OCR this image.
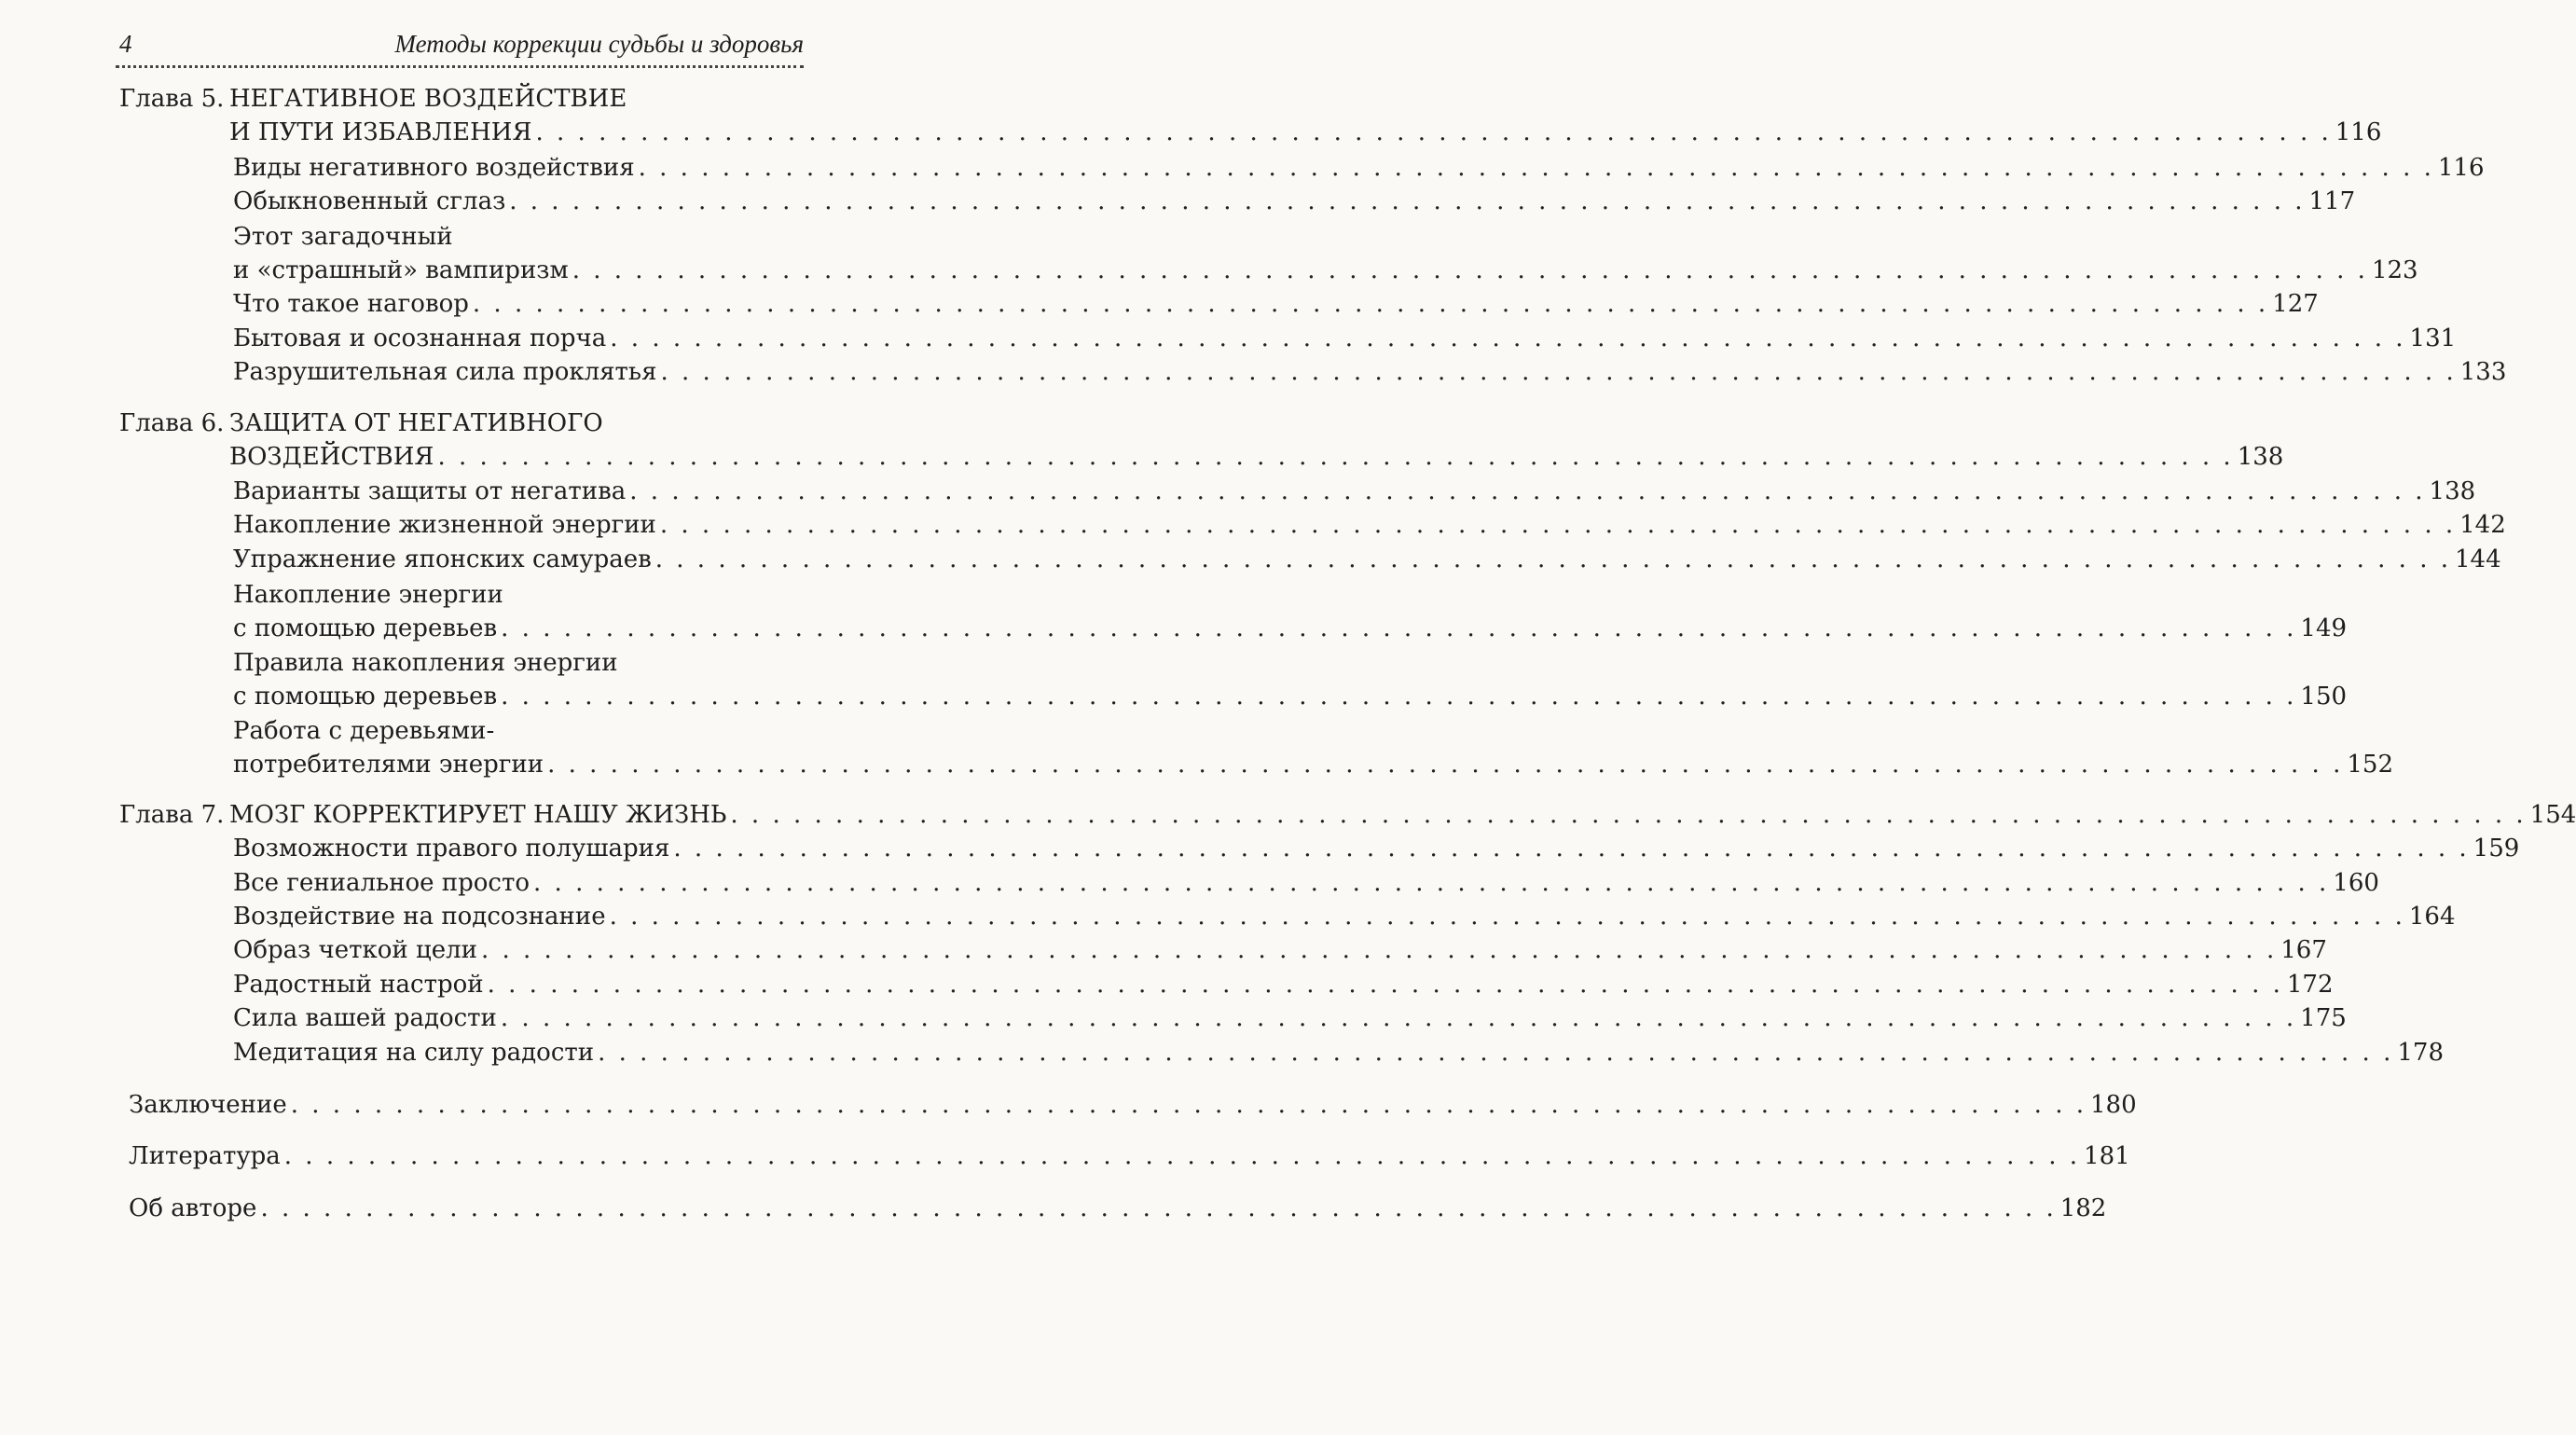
4	Методы коррекции судьбы и здоровья
Глава 5. НЕГАТИВНОЕ ВОЗДЕЙСТВИЕ
И ПУТИ ИЗБАВЛЕНИЯ . . . . . . . . . . . . . . . . . . . . . . . . . . . . . . . . . . . . . . . . . . . . . . . . . . . . . . . . . . . . . . . . . . . . . . . . . . . . . . . . . . . . . . 116
Виды негативного воздействия . . . . . . . . . . . . . . . . . . . . . . . . . . . . . . . . . . . . . . . . . . . . . . . . . . . . . . . . . . . . . . . . . . . . . . . . . . . . . . . . . . . . . . 116
Обыкновенный сглаз . . . . . . . . . . . . . . . . . . . . . . . . . . . . . . . . . . . . . . . . . . . . . . . . . . . . . . . . . . . . . . . . . . . . . . . . . . . . . . . . . . . . . . 117
Этот загадочный
и «страшный» вампиризм . . . . . . . . . . . . . . . . . . . . . . . . . . . . . . . . . . . . . . . . . . . . . . . . . . . . . . . . . . . . . . . . . . . . . . . . . . . . . . . . . . . . . . 123
Что такое наговор . . . . . . . . . . . . . . . . . . . . . . . . . . . . . . . . . . . . . . . . . . . . . . . . . . . . . . . . . . . . . . . . . . . . . . . . . . . . . . . . . . . . . . 127
Бытовая и осознанная порча . . . . . . . . . . . . . . . . . . . . . . . . . . . . . . . . . . . . . . . . . . . . . . . . . . . . . . . . . . . . . . . . . . . . . . . . . . . . . . . . . . . . . . 131
Разрушительная сила проклятья . . . . . . . . . . . . . . . . . . . . . . . . . . . . . . . . . . . . . . . . . . . . . . . . . . . . . . . . . . . . . . . . . . . . . . . . . . . . . . . . . . . . . . 133
Глава 6. ЗАЩИТА ОТ НЕГАТИВНОГО
ВОЗДЕЙСТВИЯ . . . . . . . . . . . . . . . . . . . . . . . . . . . . . . . . . . . . . . . . . . . . . . . . . . . . . . . . . . . . . . . . . . . . . . . . . . . . . . . . . . . . . . 138
Варианты защиты от негатива . . . . . . . . . . . . . . . . . . . . . . . . . . . . . . . . . . . . . . . . . . . . . . . . . . . . . . . . . . . . . . . . . . . . . . . . . . . . . . . . . . . . . . 138
Накопление жизненной энергии . . . . . . . . . . . . . . . . . . . . . . . . . . . . . . . . . . . . . . . . . . . . . . . . . . . . . . . . . . . . . . . . . . . . . . . . . . . . . . . . . . . . . . 142
Упражнение японских самураев . . . . . . . . . . . . . . . . . . . . . . . . . . . . . . . . . . . . . . . . . . . . . . . . . . . . . . . . . . . . . . . . . . . . . . . . . . . . . . . . . . . . . . 144
Накопление энергии
с помощью деревьев . . . . . . . . . . . . . . . . . . . . . . . . . . . . . . . . . . . . . . . . . . . . . . . . . . . . . . . . . . . . . . . . . . . . . . . . . . . . . . . . . . . . . . 149
Правила накопления энергии
с помощью деревьев . . . . . . . . . . . . . . . . . . . . . . . . . . . . . . . . . . . . . . . . . . . . . . . . . . . . . . . . . . . . . . . . . . . . . . . . . . . . . . . . . . . . . . 150
Работа с деревьями-
потребителями энергии . . . . . . . . . . . . . . . . . . . . . . . . . . . . . . . . . . . . . . . . . . . . . . . . . . . . . . . . . . . . . . . . . . . . . . . . . . . . . . . . . . . . . . 152
Глава 7. МОЗГ КОРРЕКТИРУЕТ НАШУ ЖИЗНЬ . . . . . . . . . . . . . . . . . . . . . . . . . . . . . . . . . . . . . . . . . . . . . . . . . . . . . . . . . . . . . . . . . . . . . . . . . . . . . . . . . . . . . . 154
Возможности правого полушария . . . . . . . . . . . . . . . . . . . . . . . . . . . . . . . . . . . . . . . . . . . . . . . . . . . . . . . . . . . . . . . . . . . . . . . . . . . . . . . . . . . . . . 159
Все гениальное просто . . . . . . . . . . . . . . . . . . . . . . . . . . . . . . . . . . . . . . . . . . . . . . . . . . . . . . . . . . . . . . . . . . . . . . . . . . . . . . . . . . . . . . 160
Воздействие на подсознание . . . . . . . . . . . . . . . . . . . . . . . . . . . . . . . . . . . . . . . . . . . . . . . . . . . . . . . . . . . . . . . . . . . . . . . . . . . . . . . . . . . . . . 164
Образ четкой цели . . . . . . . . . . . . . . . . . . . . . . . . . . . . . . . . . . . . . . . . . . . . . . . . . . . . . . . . . . . . . . . . . . . . . . . . . . . . . . . . . . . . . . 167
Радостный настрой . . . . . . . . . . . . . . . . . . . . . . . . . . . . . . . . . . . . . . . . . . . . . . . . . . . . . . . . . . . . . . . . . . . . . . . . . . . . . . . . . . . . . . 172
Сила вашей радости . . . . . . . . . . . . . . . . . . . . . . . . . . . . . . . . . . . . . . . . . . . . . . . . . . . . . . . . . . . . . . . . . . . . . . . . . . . . . . . . . . . . . . 175
Медитация на силу радости . . . . . . . . . . . . . . . . . . . . . . . . . . . . . . . . . . . . . . . . . . . . . . . . . . . . . . . . . . . . . . . . . . . . . . . . . . . . . . . . . . . . . . 178
Заключение . . . . . . . . . . . . . . . . . . . . . . . . . . . . . . . . . . . . . . . . . . . . . . . . . . . . . . . . . . . . . . . . . . . . . . . . . . . . . . . . . . . . . . 180
Литература . . . . . . . . . . . . . . . . . . . . . . . . . . . . . . . . . . . . . . . . . . . . . . . . . . . . . . . . . . . . . . . . . . . . . . . . . . . . . . . . . . . . . . 181
Об авторе . . . . . . . . . . . . . . . . . . . . . . . . . . . . . . . . . . . . . . . . . . . . . . . . . . . . . . . . . . . . . . . . . . . . . . . . . . . . . . . . . . . . . . 182
